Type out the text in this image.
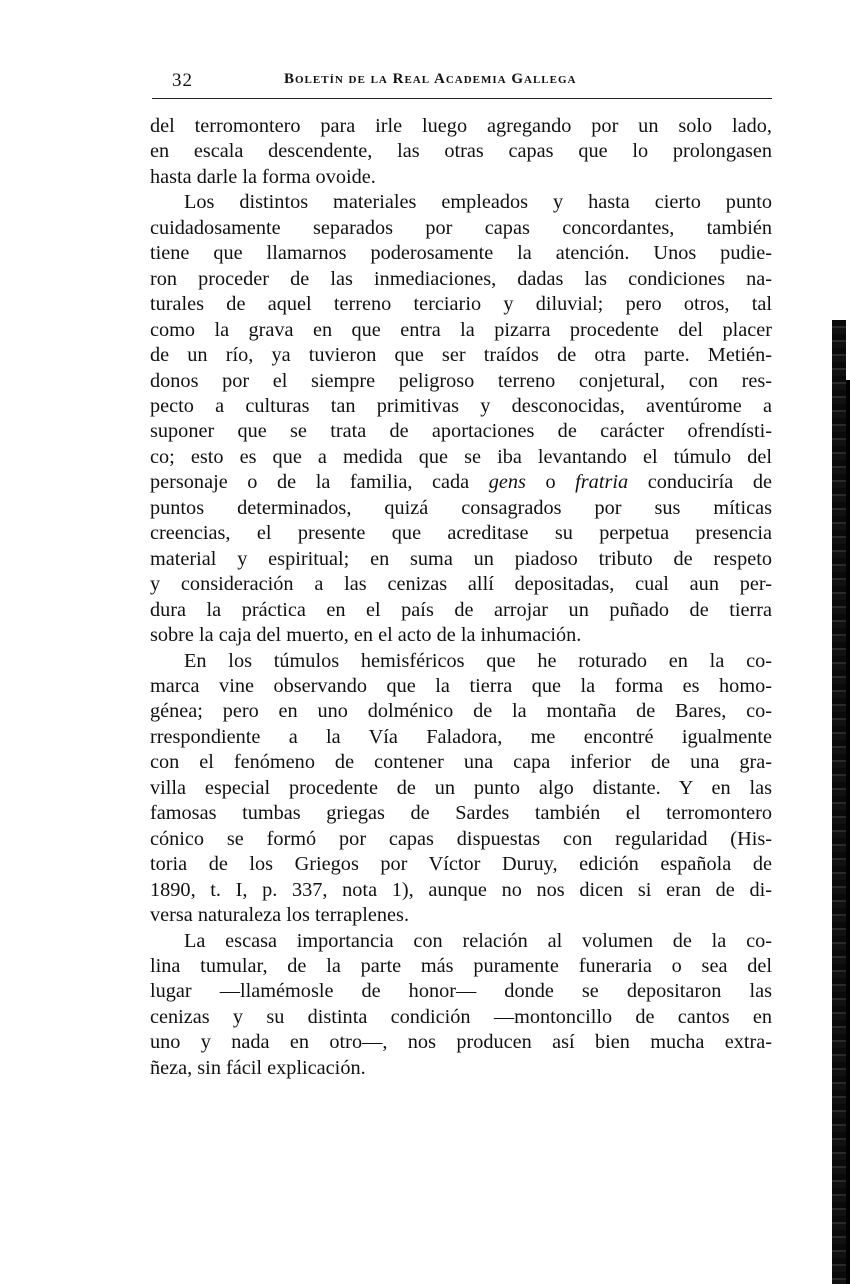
32	Boletín de la Real Academia Gallega
del terromontero para irle luego agregando por un solo lado,
en escala descendente, las otras capas que lo prolongasen
hasta darle la forma ovoide.
Los distintos materiales empleados y hasta cierto punto
cuidadosamente separados por capas concordantes, también
tiene que llamarnos poderosamente la atención. Unos pudie-
ron proceder de las inmediaciones, dadas las condiciones na-
turales de aquel terreno terciario y diluvial; pero otros, tal
como la grava en que entra la pizarra procedente del placer
de un río, ya tuvieron que ser traídos de otra parte. Metién-
donos por el siempre peligroso terreno conjetural, con res-
pecto a culturas tan primitivas y desconocidas, aventúrome a
suponer que se trata de aportaciones de carácter ofrendísti-
co; esto es que a medida que se iba levantando el túmulo del
personaje o de la familia, cada gens o fratria conduciría de
puntos determinados, quizá consagrados por sus míticas
creencias, el presente que acreditase su perpetua presencia
material y espiritual; en suma un piadoso tributo de respeto
y consideración a las cenizas allí depositadas, cual aun per-
dura la práctica en el país de arrojar un puñado de tierra
sobre la caja del muerto, en el acto de la inhumación.
En los túmulos hemisféricos que he roturado en la co-
marca vine observando que la tierra que la forma es homo-
génea; pero en uno dolménico de la montaña de Bares, co-
rrespondiente a la Vía Faladora, me encontré igualmente
con el fenómeno de contener una capa inferior de una gra-
villa especial procedente de un punto algo distante. Y en las
famosas tumbas griegas de Sardes también el terromontero
cónico se formó por capas dispuestas con regularidad (His-
toria de los Griegos por Víctor Duruy, edición española de
1890, t. I, p. 337, nota 1), aunque no nos dicen si eran de di-
versa naturaleza los terraplenes.
La escasa importancia con relación al volumen de la co-
lina tumular, de la parte más puramente funeraria o sea del
lugar —llamémosle de honor— donde se depositaron las
cenizas y su distinta condición —montoncillo de cantos en
uno y nada en otro—, nos producen así bien mucha extra-
ñeza, sin fácil explicación.
